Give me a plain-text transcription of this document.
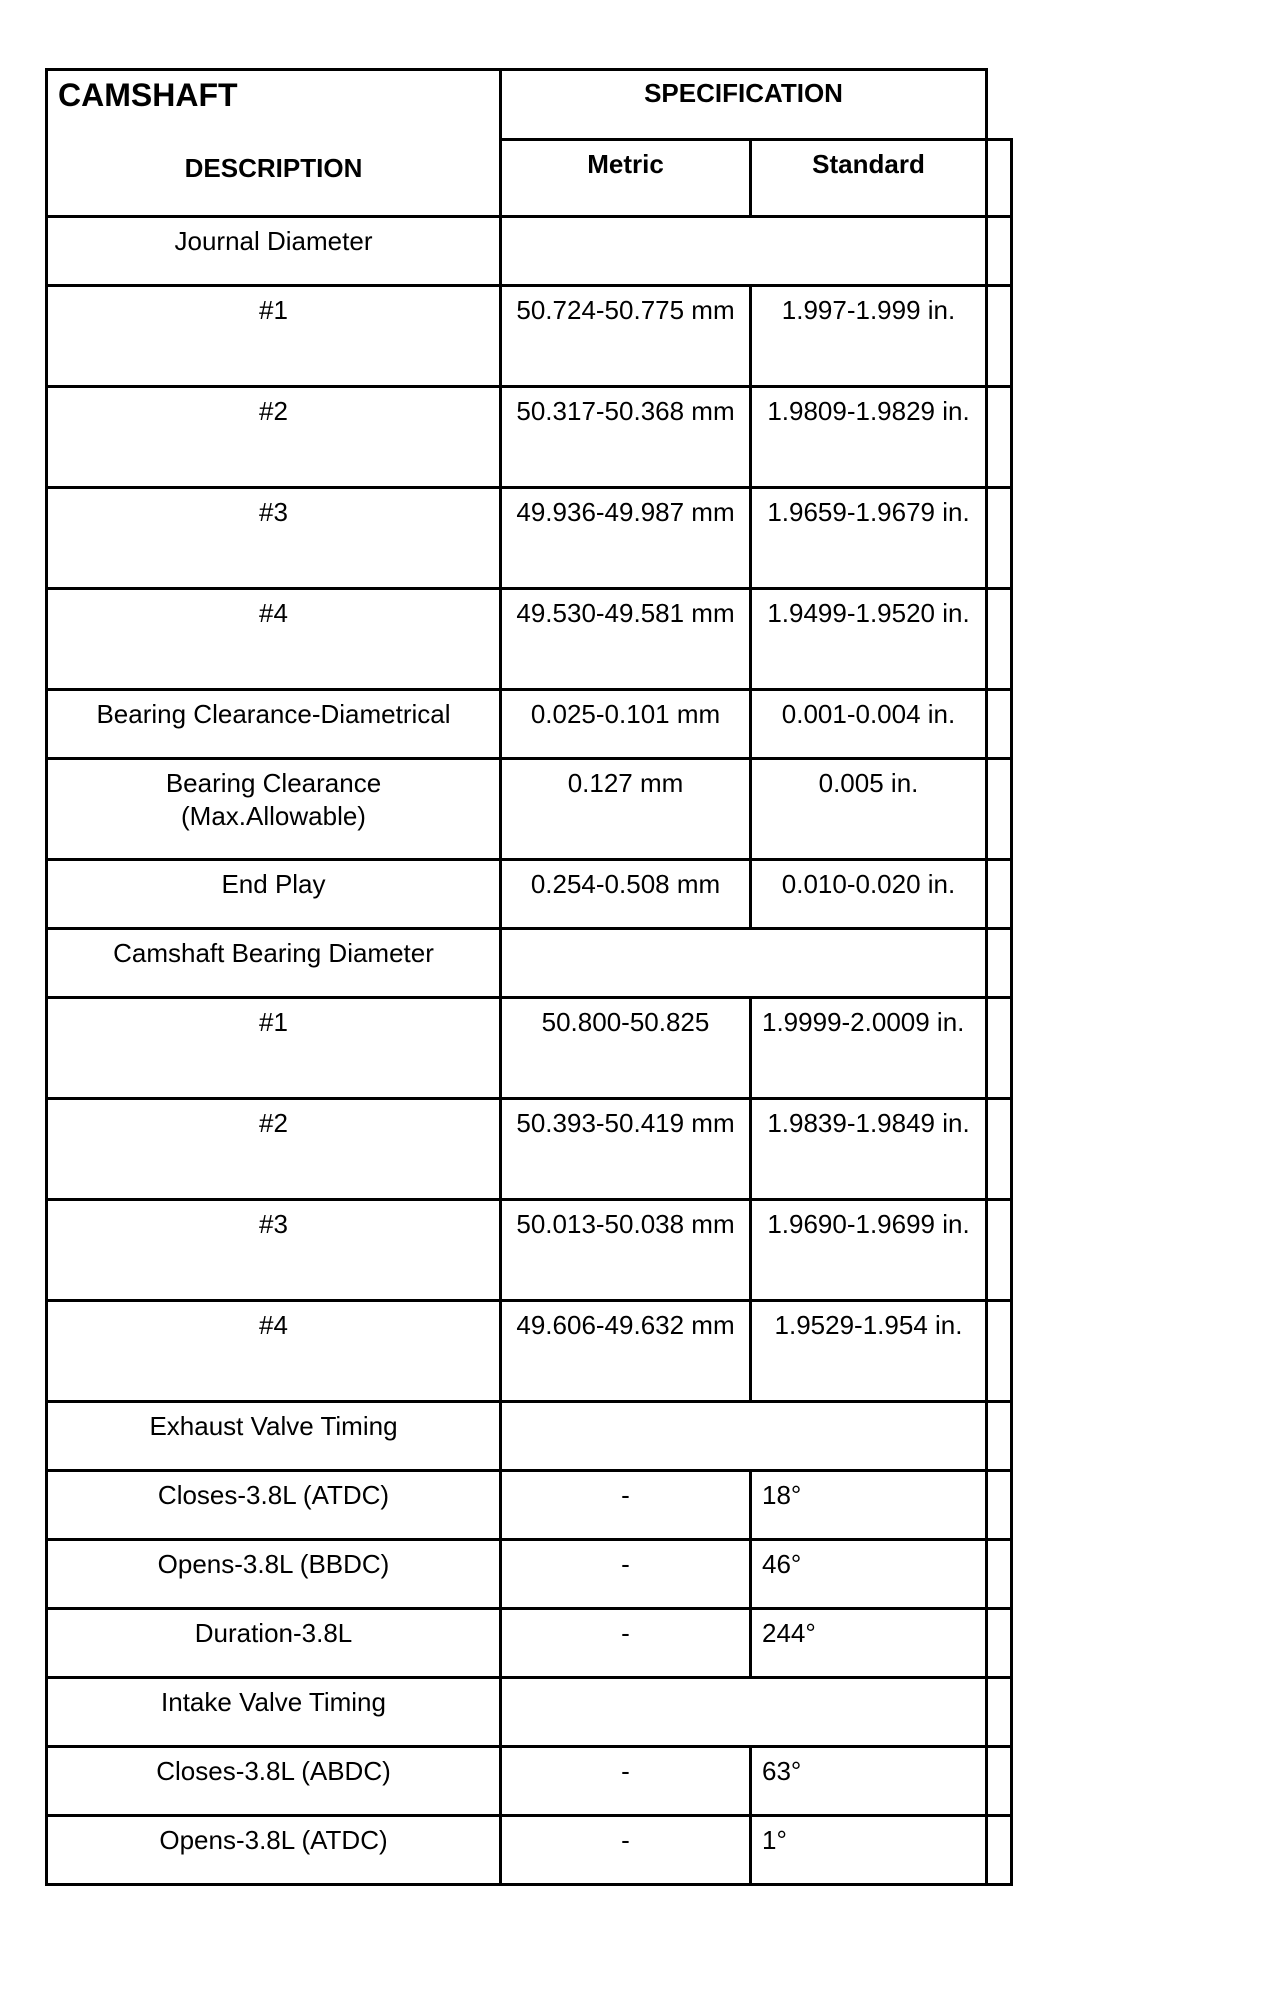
CAMSHAFT	SPECIFICATION		
DESCRIPTION	Metric	Standard	
Journal Diameter			
#1	50.724-50.775 mm	1.997-1.999 in.	
#2	50.317-50.368 mm	1.9809-1.9829 in.	
#3	49.936-49.987 mm	1.9659-1.9679 in.	
#4	49.530-49.581 mm	1.9499-1.9520 in.	
Bearing Clearance-Diametrical	0.025-0.101 mm	0.001-0.004 in.	
Bearing Clearance (Max.Allowable)	0.127 mm	0.005 in.	
End Play	0.254-0.508 mm	0.010-0.020 in.	
Camshaft Bearing Diameter			
#1	50.800-50.825	1.9999-2.0009 in.	
#2	50.393-50.419 mm	1.9839-1.9849 in.	
#3	50.013-50.038 mm	1.9690-1.9699 in.	
#4	49.606-49.632 mm	1.9529-1.954 in.	
Exhaust Valve Timing			
Closes-3.8L (ATDC)	-	18°	
Opens-3.8L (BBDC)	-	46°	
Duration-3.8L	-	244°	
Intake Valve Timing			
Closes-3.8L (ABDC)	-	63°	
Opens-3.8L (ATDC)	-	1°	
